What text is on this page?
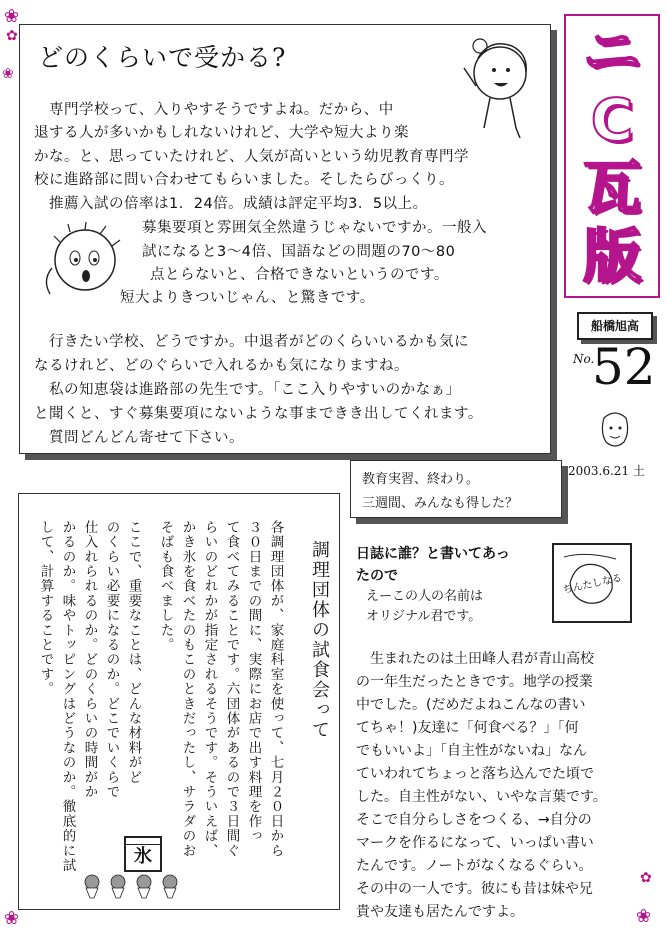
❀
✿
❀
❀	❀
✿
どのくらいで受かる?
　専門学校って、入りやすそうですよね。だから、中
退する人が多いかもしれないけれど、大学や短大より楽
かな。と、思っていたけれど、人気が高いという幼児教育専門学
校に進路部に問い合わせてもらいました。そしたらびっくり。
　推薦入試の倍率は1．24倍。成績は評定平均3．5以上。
募集要項と雰囲気全然違うじゃないですか。一般入
試になると3～4倍、国語などの問題の70～80
点とらないと、合格できないというのです。
短大よりきついじゃん、と驚きです。
　行きたい学校、どうですか。中退者がどのくらいいるかも気に
なるけれど、どのぐらいで入れるかも気になりますね。
　私の知恵袋は進路部の先生です。「ここ入りやすいのかなぁ」
と聞くと、すぐ募集要項にないような事まできき出してくれます。
　質問どんどん寄せて下さい。
ニ
C
瓦
版
船橋旭高
No.
52
2003.6.21 土
教育実習、終わり。
三週間、みんなも得した？
調理団体の試食会って
各調理団体が、家庭科室を使って、七月２０日から
３０日までの間に、実際にお店で出す料理を作っ
て食べてみることです。六団体があるので３日間ぐ
らいのどれかが指定されるそうです。そういえば、
かき氷を食べたのもこのときだったし、サラダのお
そばも食べました。
ここで、重要なことは、どんな材料がど
のくらい必要になるのか。どこでいくらで
仕入れられるのか。どのくらいの時間がか
かるのか。味やトッピングはどうなのか。徹底的に試
して、計算することです。
氷
日誌に誰？と書いてあっ
たので
えーこの人の名前は
オリジナル君です。
ちんたしなる
　生まれたのは土田峰人君が青山高校
の一年生だったときです。地学の授業
中でした。(だめだよねこんなの書い
てちゃ！)友達に「何食べる？」「何
でもいいよ」「自主性がないね」なん
ていわれてちょっと落ち込んでた頃で
した。自主性がない、いやな言葉です。
そこで自分らしさをつくる、→自分の
マークを作るになって、いっぱい書い
たんです。ノートがなくなるぐらい。
その中の一人です。彼にも昔は妹や兄
貴や友達も居たんですよ。
